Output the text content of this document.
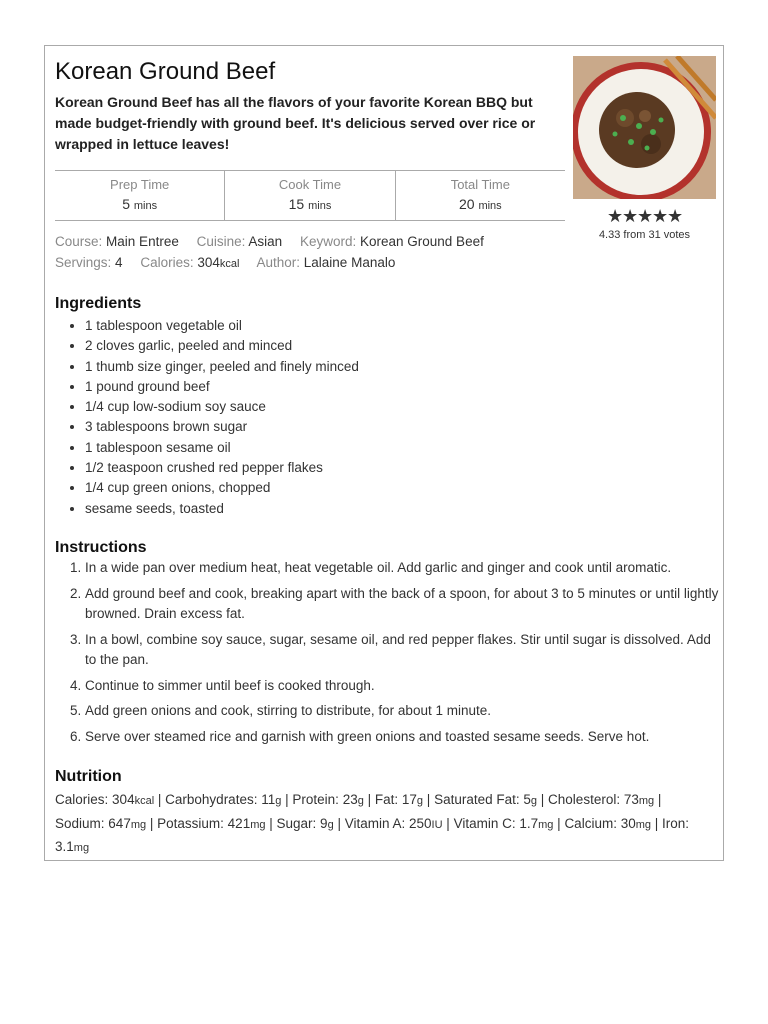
Korean Ground Beef

Korean Ground Beef has all the flavors of your favorite Korean BBQ but made budget-friendly with ground beef. It's delicious served over rice or wrapped in lettuce leaves!

★★★★★
4.33 from 31 votes
Prep Time
5 mins
Cook Time
15 mins
Total Time
20 mins
Course: Main Entree Cuisine: Asian Keyword: Korean Ground Beef
Servings: 4 Calories: 304kcal Author: Lalaine Manalo
Ingredients
• 1 tablespoon vegetable oil
• 2 cloves garlic, peeled and minced
• 1 thumb size ginger, peeled and finely minced
• 1 pound ground beef
• 1/4 cup low-sodium soy sauce
• 3 tablespoons brown sugar
• 1 tablespoon sesame oil
• 1/2 teaspoon crushed red pepper flakes
• 1/4 cup green onions, chopped
• sesame seeds, toasted
Instructions
1. In a wide pan over medium heat, heat vegetable oil. Add garlic and ginger and cook until aromatic.
2. Add ground beef and cook, breaking apart with the back of a spoon, for about 3 to 5 minutes or until lightly browned. Drain excess fat.
3. In a bowl, combine soy sauce, sugar, sesame oil, and red pepper flakes. Stir until sugar is dissolved. Add to the pan.
4. Continue to simmer until beef is cooked through.
5. Add green onions and cook, stirring to distribute, for about 1 minute.
6. Serve over steamed rice and garnish with green onions and toasted sesame seeds. Serve hot.
Nutrition
Calories: 304kcal | Carbohydrates: 11g | Protein: 23g | Fat: 17g | Saturated Fat: 5g | Cholesterol: 73mg | Sodium: 647mg | Potassium: 421mg | Sugar: 9g | Vitamin A: 250IU | Vitamin C: 1.7mg | Calcium: 30mg | Iron: 3.1mg
